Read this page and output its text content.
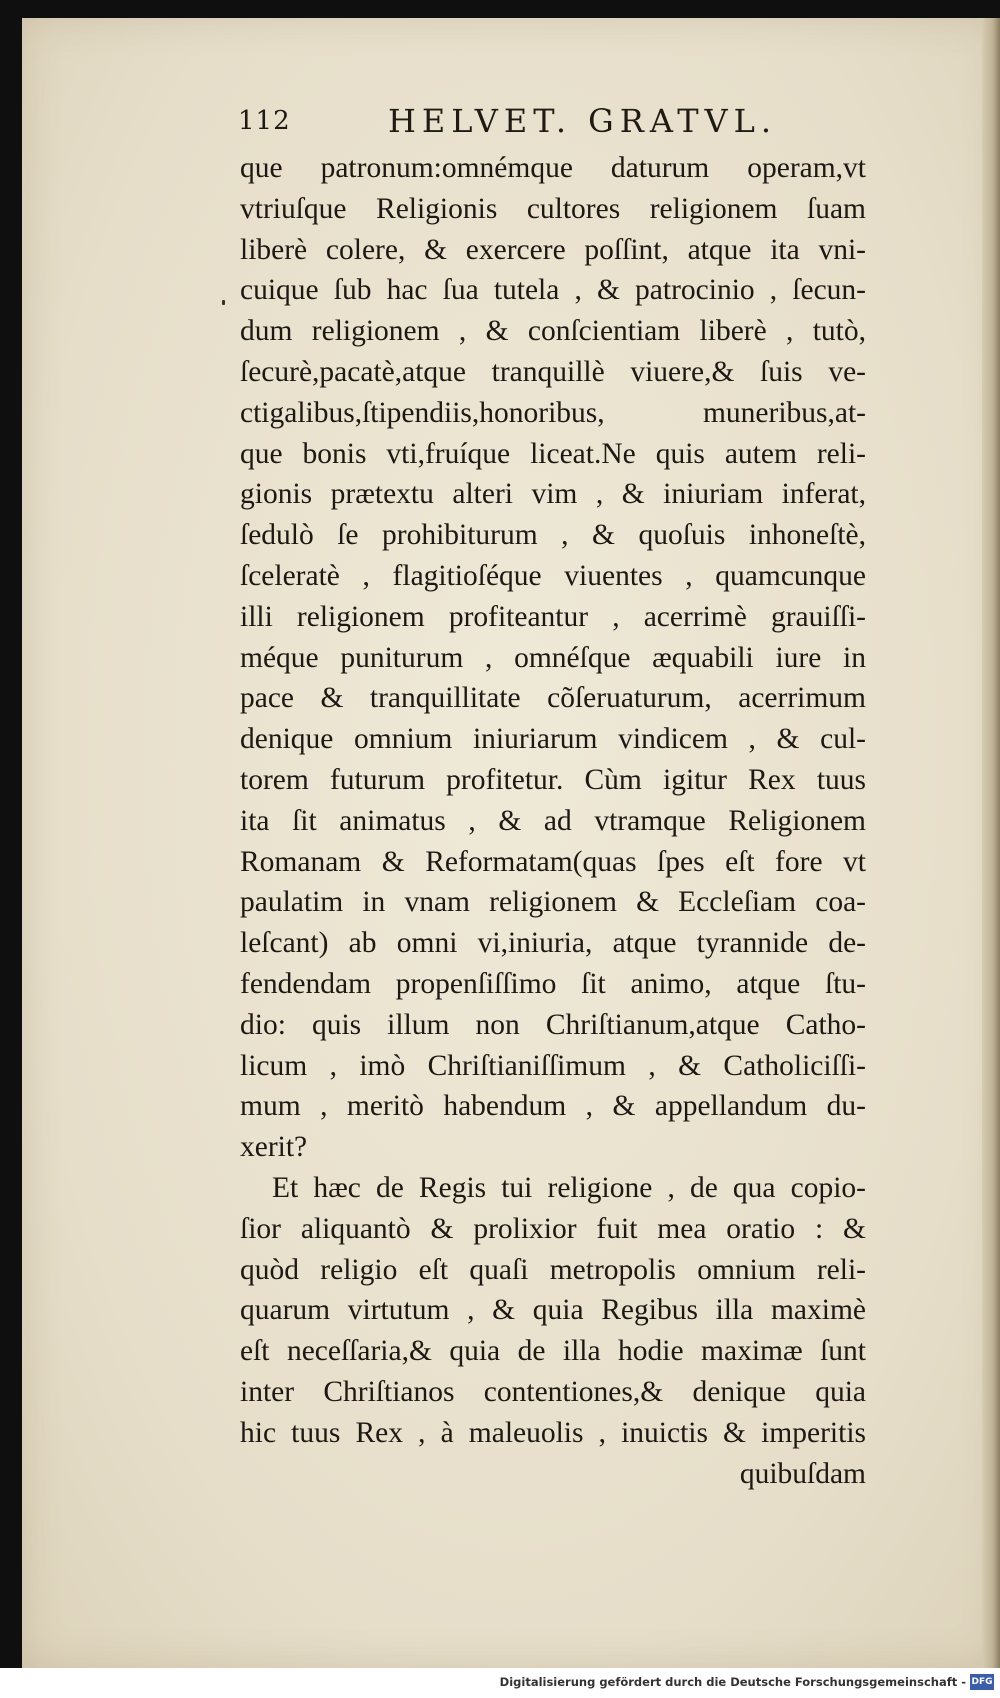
112	HELVET. GRATVL.
que patronum:omnémque daturum operam,vt
vtriuſque Religionis cultores religionem ſuam
liberè colere, & exercere poſſint, atque ita vni-
cuique ſub hac ſua tutela , & patrocinio , ſecun-
dum religionem , & conſcientiam liberè , tutò,
ſecurè,pacatè,atque tranquillè viuere,& ſuis ve-
ctigalibus,ſtipendiis,honoribus, muneribus,at-
que bonis vti,fruíque liceat.Ne quis autem reli-
gionis prætextu alteri vim , & iniuriam inferat,
ſedulò ſe prohibiturum , & quoſuis inhoneſtè,
ſceleratè , flagitioſéque viuentes , quamcunque
illi religionem profiteantur , acerrimè grauiſſi-
méque puniturum , omnéſque æquabili iure in
pace & tranquillitate cõſeruaturum, acerrimum
denique omnium iniuriarum vindicem , & cul-
torem futurum profitetur. Cùm igitur Rex tuus
ita ſit animatus , & ad vtramque Religionem
Romanam & Reformatam(quas ſpes eſt fore vt
paulatim in vnam religionem & Eccleſiam coa-
leſcant) ab omni vi,iniuria, atque tyrannide de-
fendendam propenſiſſimo ſit animo, atque ſtu-
dio: quis illum non Chriſtianum,atque Catho-
licum , imò Chriſtianiſſimum , & Catholiciſſi-
mum , meritò habendum , & appellandum du-
xerit?
Et hæc de Regis tui religione , de qua copio-
ſior aliquantò & prolixior fuit mea oratio : &
quòd religio eſt quaſi metropolis omnium reli-
quarum virtutum , & quia Regibus illa maximè
eſt neceſſaria,& quia de illa hodie maximæ ſunt
inter Chriſtianos contentiones,& denique quia
hic tuus Rex , à maleuolis , inuictis & imperitis
quibuſdam
Digitalisierung gefördert durch die Deutsche Forschungsgemeinschaft - DFG
